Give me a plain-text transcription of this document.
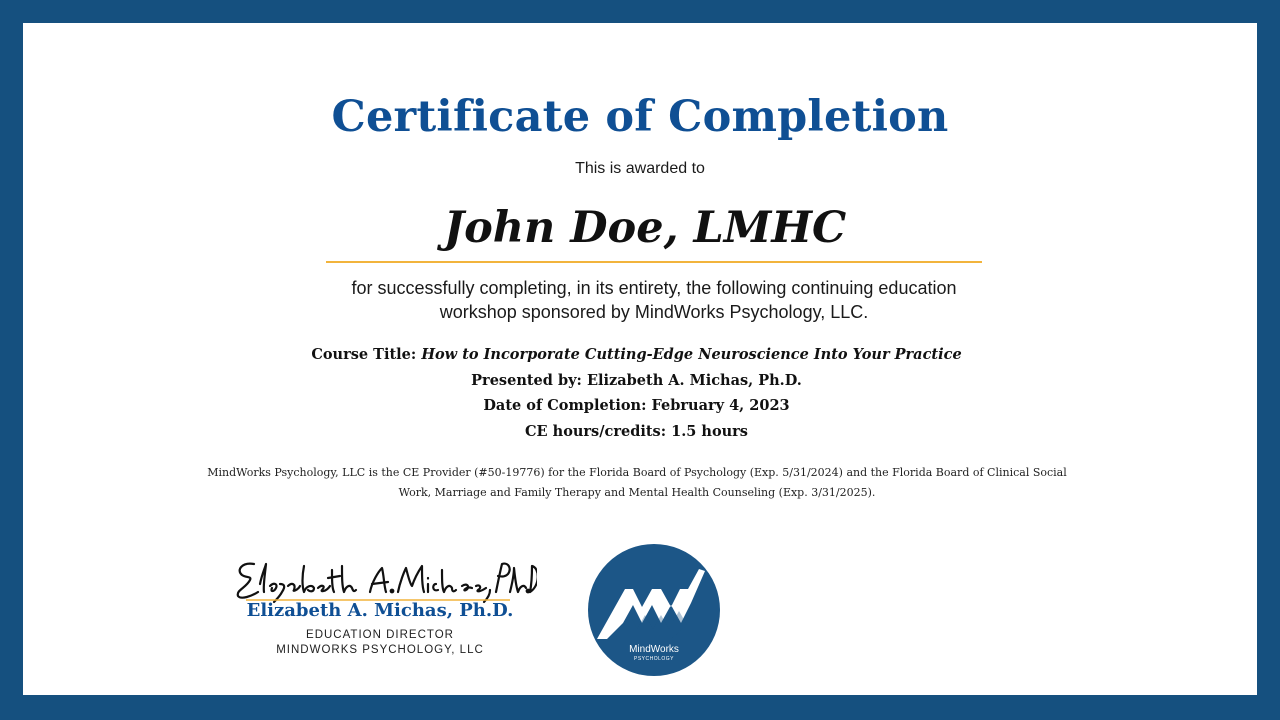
Certificate of Completion
This is awarded to
John Doe, LMHC
for successfully completing, in its entirety, the following continuing education
workshop sponsored by MindWorks Psychology, LLC.
Course Title: How to Incorporate Cutting-Edge Neuroscience Into Your Practice
Presented by: Elizabeth A. Michas, Ph.D.
Date of Completion: February 4, 2023
CE hours/credits: 1.5 hours
MindWorks Psychology, LLC is the CE Provider (#50-19776) for the Florida Board of Psychology (Exp. 5/31/2024) and the Florida Board of Clinical Social
Work, Marriage and Family Therapy and Mental Health Counseling (Exp. 3/31/2025).
Elizabeth A. Michas, Ph.D.
EDUCATION DIRECTOR
MINDWORKS PSYCHOLOGY, LLC	MindWorks
PSYCHOLOGY
